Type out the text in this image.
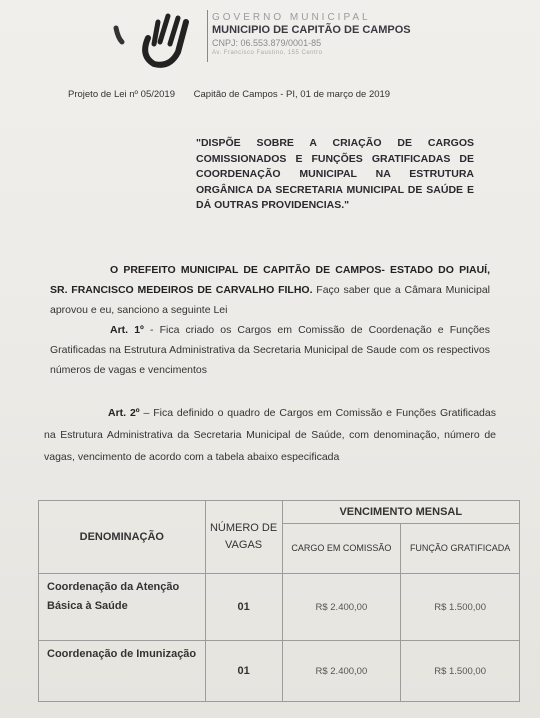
GOVERNO MUNICIPAL
MUNICIPIO DE CAPITÃO DE CAMPOS
CNPJ: 06.553.879/0001-85
Av. Francisco Faustino, 155 Centro
Projeto de Lei nº 05/2019 Capitão de Campos - PI, 01 de março de 2019
"DISPÕE SOBRE A CRIAÇÃO DE CARGOS COMISSIONADOS E FUNÇÕES GRATIFICADAS DE COORDENAÇÃO MUNICIPAL NA ESTRUTURA ORGÂNICA DA SECRETARIA MUNICIPAL DE SAÚDE E DÁ OUTRAS PROVIDENCIAS."
O PREFEITO MUNICIPAL DE CAPITÃO DE CAMPOS- ESTADO DO PIAUÍ, SR. FRANCISCO MEDEIROS DE CARVALHO FILHO. Faço saber que a Câmara Municipal aprovou e eu, sanciono a seguinte Lei
Art. 1º - Fica criado os Cargos em Comissão de Coordenação e Funções Gratificadas na Estrutura Administrativa da Secretaria Municipal de Saude com os respectivos números de vagas e vencimentos
Art. 2º – Fica definido o quadro de Cargos em Comissão e Funções Gratificadas na Estrutura Administrativa da Secretaria Municipal de Saúde, com denominação, número de vagas, vencimento de acordo com a tabela abaixo especificada
DENOMINAÇÃO	NÚMERO DE VAGAS	VENCIMENTO MENSAL	
		CARGO EM COMISSÃO	FUNÇÃO GRATIFICADA
Coordenação da Atenção Básica à Saúde	01	R$ 2.400,00	R$ 1.500,00
Coordenação de Imunização	01	R$ 2.400,00	R$ 1.500,00
